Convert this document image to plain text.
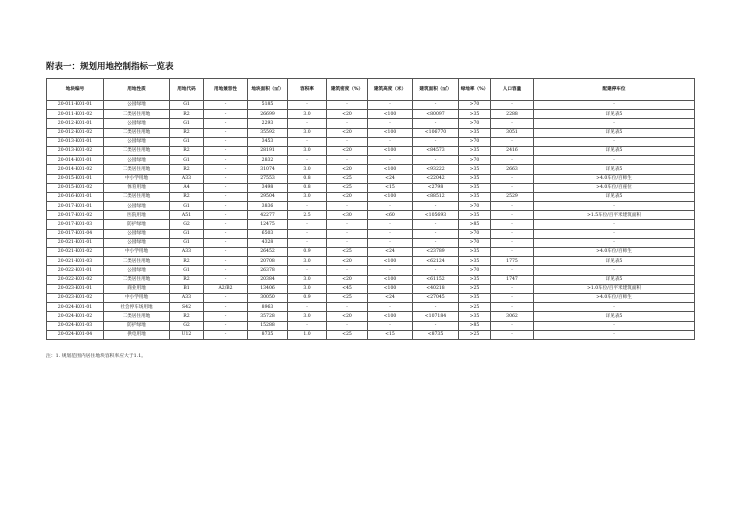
附表一：规划用地控制指标一览表
地块编号	用地性质	用地代码	用地兼容性	地块面积（㎡）	容积率	建筑密度（%）	建筑高度（米）	建筑面积（㎡）	绿地率（%）	人口容量	配建停车位
20-011-K01-01	公园绿地	G1	-	5185	-	-	-	-	>70	-	-
20-011-K01-02	二类居住用地	R2	-	26699	3.0	<20	<100	<80097	>35	2288	详见表5
20-012-K01-01	公园绿地	G1	-	2293	-	-	-	-	>70	-	-
20-012-K01-02	二类居住用地	R2	-	35592	3.0	<20	<100	<106770	>35	3051	详见表5
20-013-K01-01	公园绿地	G1	-	3453	-	-	-	-	>70	-	-
20-013-K01-02	二类居住用地	R2	-	28191	3.0	<20	<100	<84573	>35	2416	详见表5
20-014-K01-01	公园绿地	G1	-	2832	-	-	-	-	>70	-	-
20-014-K01-02	二类居住用地	R2	-	31074	3.0	<20	<100	<93222	>35	2663	详见表5
20-015-K01-01	中小学用地	A33	-	27553	0.8	<25	<24	<22042	>35	-	>4.0车位/百师生
20-015-K01-02	体育用地	A4	-	3498	0.8	<25	<15	<2798	>35	-	>4.0车位/百座位
20-016-K01-01	二类居住用地	R2	-	29504	3.0	<20	<100	<88512	>35	2529	详见表5
20-017-K01-01	公园绿地	G1	-	3836	-	-	-	-	>70	-	-
20-017-K01-02	医院用地	A51	-	42277	2.5	<30	<60	<105693	>35	-	>1.5车位/百平米建筑面积
20-017-K01-03	防护绿地	G2	-	12475	-	-	-	-	>85	-	-
20-017-K01-04	公园绿地	G1	-	6503	-	-	-	-	>70	-	-
20-021-K01-01	公园绿地	G1	-	4328	-	-	-	-	>70	-	-
20-021-K01-02	中小学用地	A33	-	26452	0.9	<25	<24	<23789	>35	-	>4.0车位/百师生
20-021-K01-03	二类居住用地	R2	-	20708	3.0	<20	<100	<62124	>35	1775	详见表5
20-022-K01-01	公园绿地	G1	-	26378	-	-	-	-	>70	-	-
20-022-K01-02	二类居住用地	R2	-	20384	3.0	<20	<100	<61152	>35	1747	详见表5
20-023-K01-01	商业用地	B1	A2/B2	13406	3.0	<45	<100	<40218	>25	-	>1.0车位/百平米建筑面积
20-023-K01-02	中小学用地	A33	-	30050	0.9	<25	<24	<27045	>35	-	>4.0车位/百师生
20-024-K01-01	社会停车场用地	S42	-	8963	-	-	-	-	>25	-	-
20-024-K01-02	二类居住用地	R2	-	35728	3.0	<20	<100	<107184	>35	3062	详见表5
20-024-K01-03	防护绿地	G2	-	15288	-	-	-	-	>85	-	-
20-024-K01-04	供电用地	U12	-	8735	1.0	<25	<15	<8735	>25	-	-
注：1. 规划范围内居住地块容积率应大于1.1。
